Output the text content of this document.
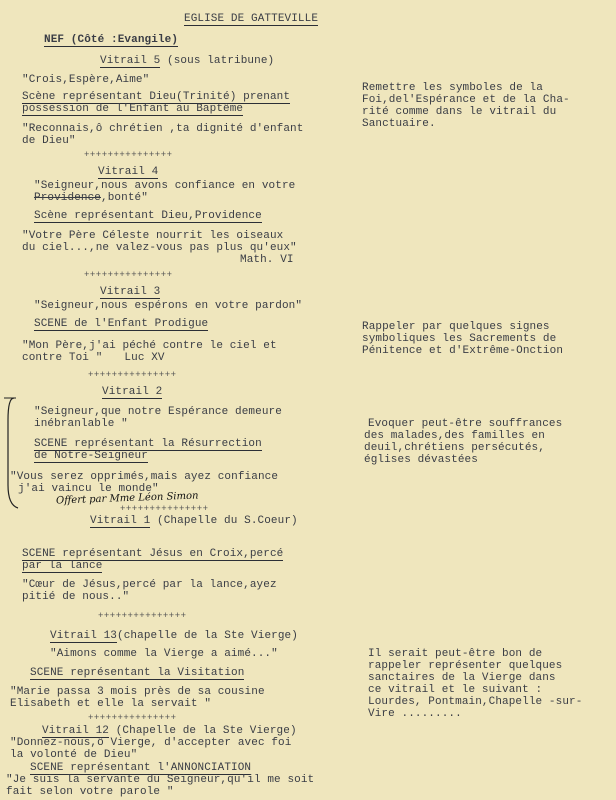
EGLISE DE GATTEVILLE
NEF (Côté :Evangile)
Vitrail 5 (sous latribune)
"Crois,Espère,Aime"
Scène représentant Dieu(Trinité) prenant
possession de l'Enfant au Baptême
"Reconnais,ô chrétien ,ta dignité d'enfant
de Dieu"
Remettre les symboles de la
Foi,del'Espérance et de la Cha-
rité comme dans le vitrail du
Sanctuaire.
+++++++++++++++
Vitrail 4
"Seigneur,nous avons confiance en votre
Providence,bonté"
Scène représentant Dieu,Providence
"Votre Père Céleste nourrit les oiseaux
du ciel...,ne valez-vous pas plus qu'eux"
Math. VI
+++++++++++++++
Vitrail 3
"Seigneur,nous espérons en votre pardon"
SCENE de l'Enfant Prodigue
"Mon Père,j'ai péché contre le ciel et
contre Toi " Luc XV
Rappeler par quelques signes
symboliques les Sacrements de
Pénitence et d'Extrême-Onction
+++++++++++++++
Vitrail 2
"Seigneur,que notre Espérance demeure
inébranlable "
SCENE représentant la Résurrection
de Notre-Seigneur
"Vous serez opprimés,mais ayez confiance
j'ai vaincu le monde"
Offert par Mme Léon Simon
Evoquer peut-être souffrances
des malades,des familles en
deuil,chrétiens persécutés,
églises dévastées
+++++++++++++++
Vitrail 1 (Chapelle du S.Coeur)
SCENE représentant Jésus en Croix,percé
par la lance
"Cœur de Jésus,percé par la lance,ayez
pitié de nous.."
+++++++++++++++
Vitrail 13(chapelle de la Ste Vierge)
"Aimons comme la Vierge a aimé..."
SCENE représentant la Visitation
"Marie passa 3 mois près de sa cousine
Elisabeth et elle la servait "
Il serait peut-être bon de
rappeler représenter quelques
sanctaires de la Vierge dans
ce vitrail et le suivant :
Lourdes, Pontmain,Chapelle -sur-
Vire .........
+++++++++++++++
Vitrail 12 (Chapelle de la Ste Vierge)
"Donnez-nous,ô Vierge, d'accepter avec foi
la volonté de Dieu"
SCENE représentant l'ANNONCIATION
"Je suis la servante du Seigneur,qu'il me soit
fait selon votre parole "
